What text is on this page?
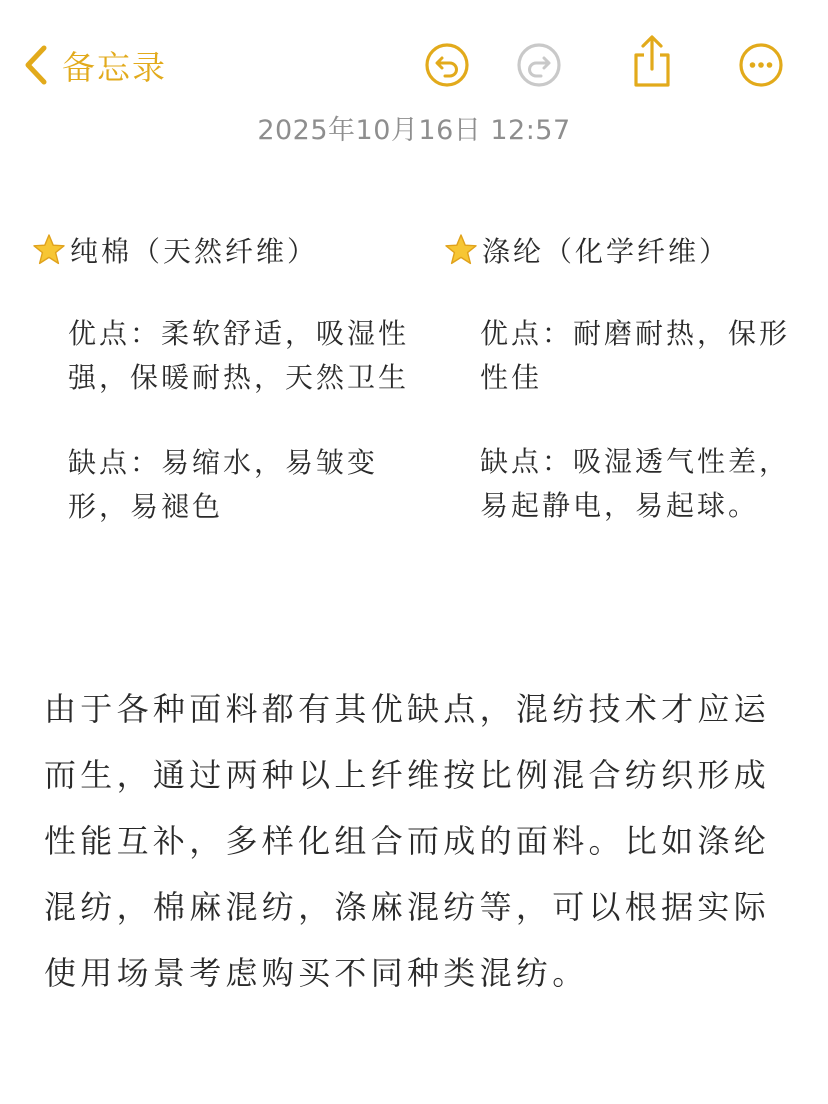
备忘录
2025年10月16日 12:57
纯棉（天然纤维）
优点：柔软舒适，吸湿性强，保暖耐热，天然卫生
缺点：易缩水，易皱变形，易褪色
涤纶（化学纤维）
优点：耐磨耐热，保形性佳
缺点：吸湿透气性差，易起静电，易起球。
由于各种面料都有其优缺点，混纺技术才应运而生，通过两种以上纤维按比例混合纺织形成性能互补，多样化组合而成的面料。比如涤纶混纺，棉麻混纺，涤麻混纺等，可以根据实际使用场景考虑购买不同种类混纺。
